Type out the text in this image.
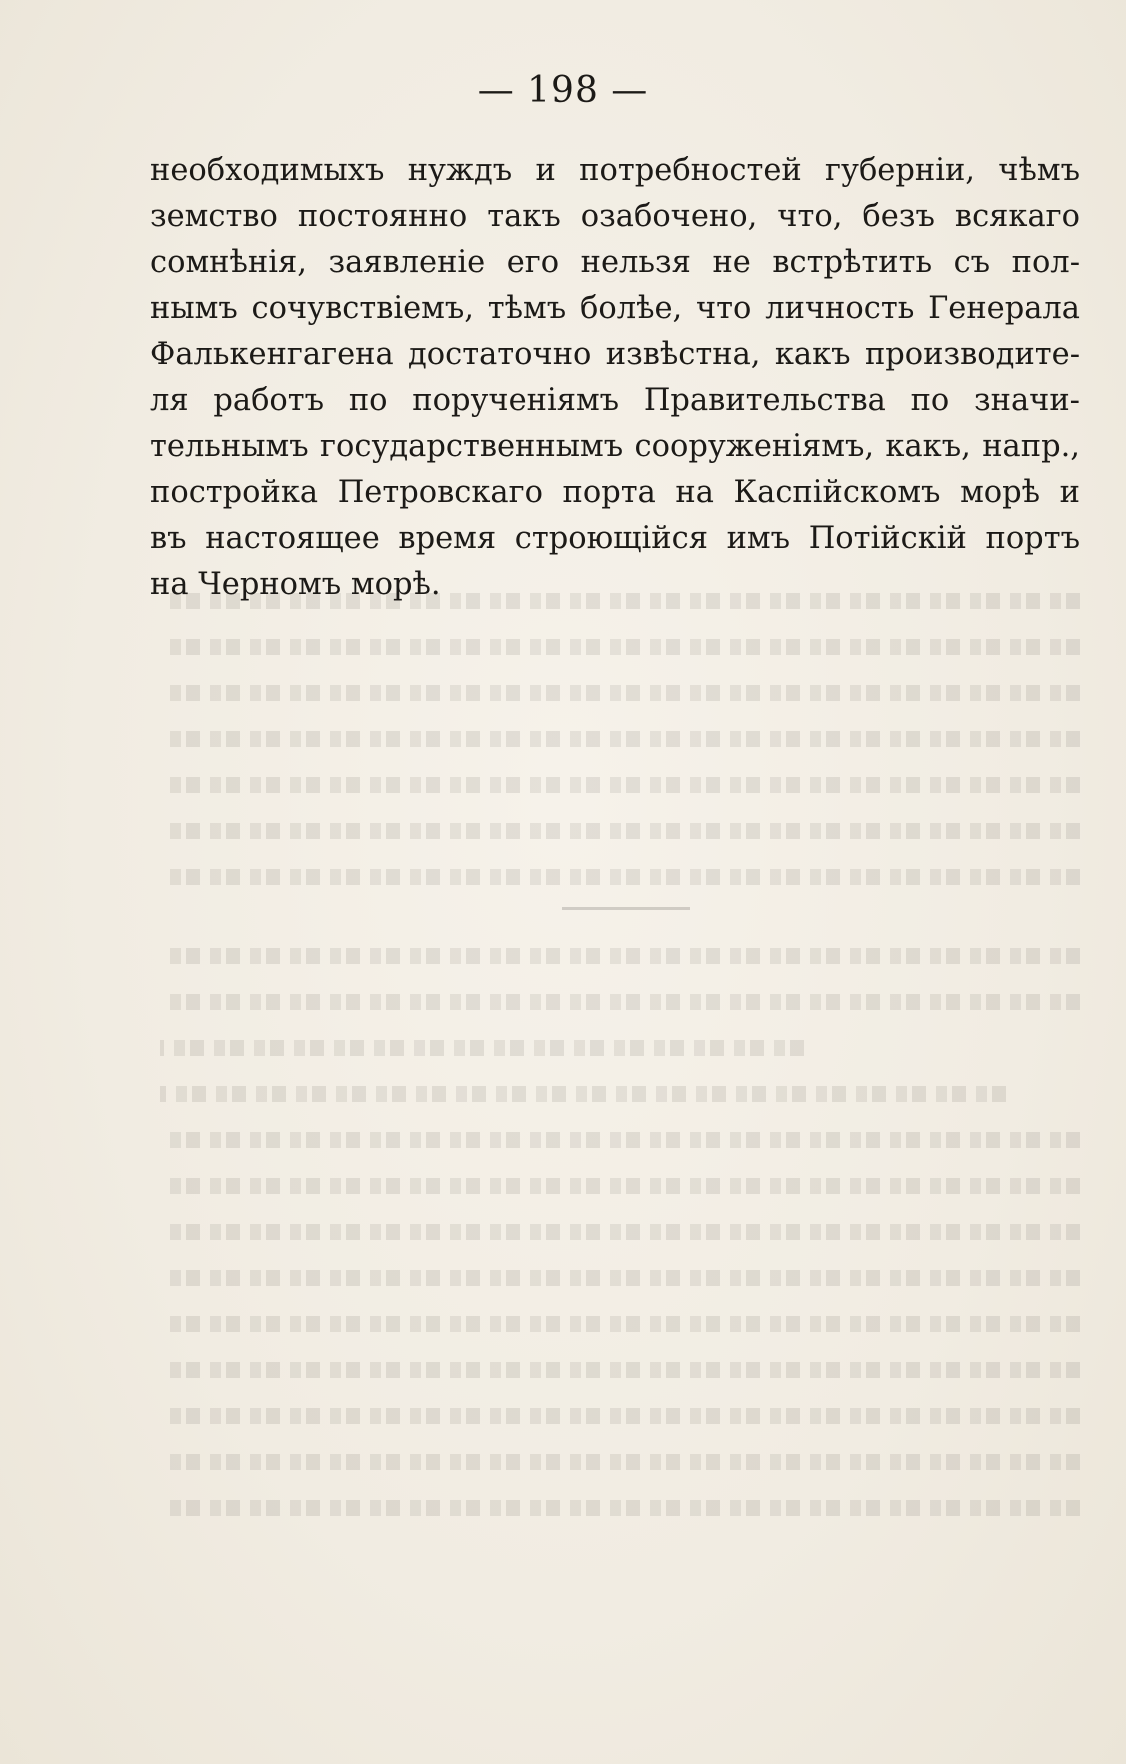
— 198 —
необходимыхъ нуждъ и потребностей губерніи, чѣмъ
земство постоянно такъ озабочено, что, безъ всякаго
сомнѣнія, заявленіе его нельзя не встрѣтить съ пол-
нымъ сочувствіемъ, тѣмъ болѣе, что личность Генерала
Фалькенгагена достаточно извѣстна, какъ производите-
ля работъ по порученіямъ Правительства по значи-
тельнымъ государственнымъ сооруженіямъ, какъ, напр.,
постройка Петровскаго порта на Каспійскомъ морѣ и
въ настоящее время строющійся имъ Потійскій портъ
на Черномъ морѣ.
